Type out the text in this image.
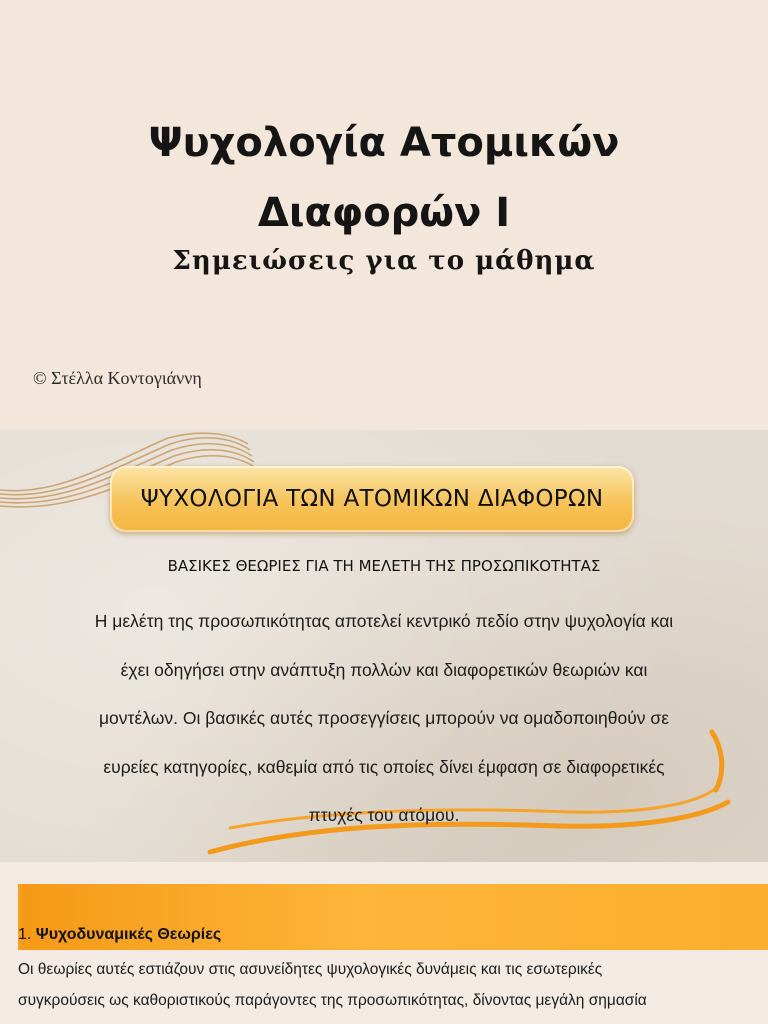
Ψυχολογία Ατομικών
Διαφορών Ι
Σημειώσεις για το μάθημα
© Στέλλα Κοντογιάννη
ΨΥΧΟΛΟΓΙΑ ΤΩΝ ΑΤΟΜΙΚΩΝ ΔΙΑΦΟΡΩΝ
ΒΑΣΙΚΕΣ ΘΕΩΡΙΕΣ ΓΙΑ ΤΗ ΜΕΛΕΤΗ ΤΗΣ ΠΡΟΣΩΠΙΚΟΤΗΤΑΣ
Η μελέτη της προσωπικότητας αποτελεί κεντρικό πεδίο στην ψυχολογία και
έχει οδηγήσει στην ανάπτυξη πολλών και διαφορετικών θεωριών και
μοντέλων. Οι βασικές αυτές προσεγγίσεις μπορούν να ομαδοποιηθούν σε
ευρείες κατηγορίες, καθεμία από τις οποίες δίνει έμφαση σε διαφορετικές
πτυχές του ατόμου.
1. Ψυχοδυναμικές Θεωρίες
Οι θεωρίες αυτές εστιάζουν στις ασυνείδητες ψυχολογικές δυνάμεις και τις εσωτερικές
συγκρούσεις ως καθοριστικούς παράγοντες της προσωπικότητας, δίνοντας μεγάλη σημασία
